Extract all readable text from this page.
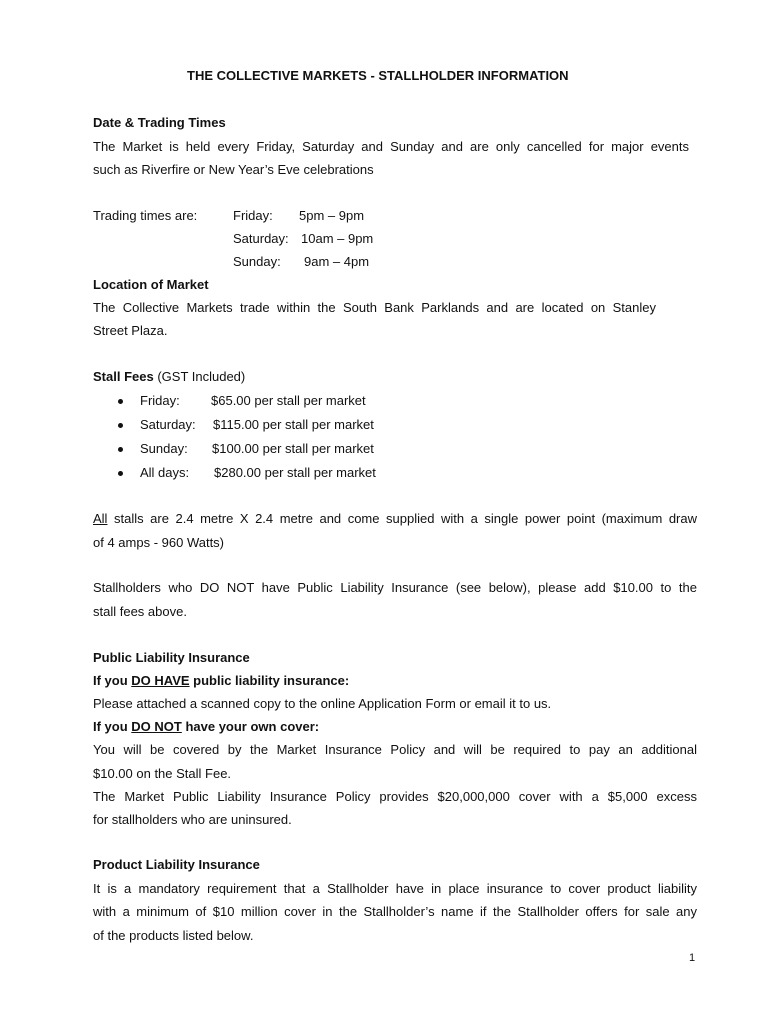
THE COLLECTIVE MARKETS - STALLHOLDER INFORMATION
Date & Trading Times
The Market is held every Friday, Saturday and Sunday and are only cancelled for major events
such as Riverfire or New Year’s Eve celebrations
Trading times are:	Friday: 5pm – 9pm
Saturday: 10am – 9pm
Sunday: 9am – 4pm
Location of Market
The Collective Markets trade within the South Bank Parklands and are located on Stanley
Street Plaza.
Stall Fees (GST Included)
Friday: $65.00 per stall per market
Saturday: $115.00 per stall per market
Sunday: $100.00 per stall per market
All days: $280.00 per stall per market
All stalls are 2.4 metre X 2.4 metre and come supplied with a single power point (maximum draw
of 4 amps - 960 Watts)
Stallholders who DO NOT have Public Liability Insurance (see below), please add $10.00 to the
stall fees above.
Public Liability Insurance
If you DO HAVE public liability insurance:
Please attached a scanned copy to the online Application Form or email it to us.
If you DO NOT have your own cover:
You will be covered by the Market Insurance Policy and will be required to pay an additional
$10.00 on the Stall Fee.
The Market Public Liability Insurance Policy provides $20,000,000 cover with a $5,000 excess
for stallholders who are uninsured.
Product Liability Insurance
It is a mandatory requirement that a Stallholder have in place insurance to cover product liability
with a minimum of $10 million cover in the Stallholder’s name if the Stallholder offers for sale any
of the products listed below.
1
